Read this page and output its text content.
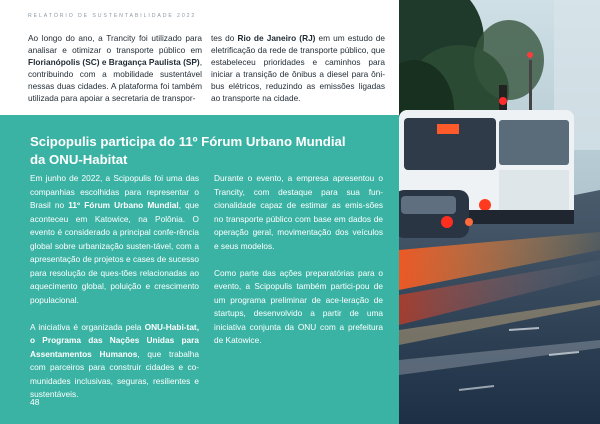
RELATÓRIO DE SUSTENTABILIDADE 2022
Ao longo do ano, a Trancity foi utilizado para analisar e otimizar o transporte público em Florianópolis (SC) e Bragança Paulista (SP), contribuindo com a mobilidade sustentável nessas duas cidades. A plataforma foi também utilizada para apoiar a secretaria de transpor-
tes do Rio de Janeiro (RJ) em um estudo de eletrificação da rede de transporte público, que estabeleceu prioridades e caminhos para iniciar a transição de ônibus a diesel para ôni-bus elétricos, reduzindo as emissões ligadas ao transporte na cidade.
Scipopulis participa do 11º Fórum Urbano Mundial da ONU-Habitat

Em junho de 2022, a Scipopulis foi uma das companhias escolhidas para representar o Brasil no 11º Fórum Urbano Mundial, que aconteceu em Katowice, na Polônia. O evento é considerado a principal confe-rência global sobre urbanização susten-tável, com a apresentação de projetos e cases de sucesso para resolução de ques-tões relacionadas ao aquecimento global, poluição e crescimento populacional.

A iniciativa é organizada pela ONU-Habi-tat, o Programa das Nações Unidas para Assentamentos Humanos, que trabalha com parceiros para construir cidades e co-munidades inclusivas, seguras, resilientes e sustentáveis.

Durante o evento, a empresa apresentou o Trancity, com destaque para sua fun-cionalidade capaz de estimar as emis-sões no transporte público com base em dados de operação geral, movimentação dos veículos e seus modelos.

Como parte das ações preparatórias para o evento, a Scipopulis também partici-pou de um programa preliminar de ace-leração de startups, desenvolvido a partir de uma iniciativa conjunta da ONU com a prefeitura de Katowice.

48
